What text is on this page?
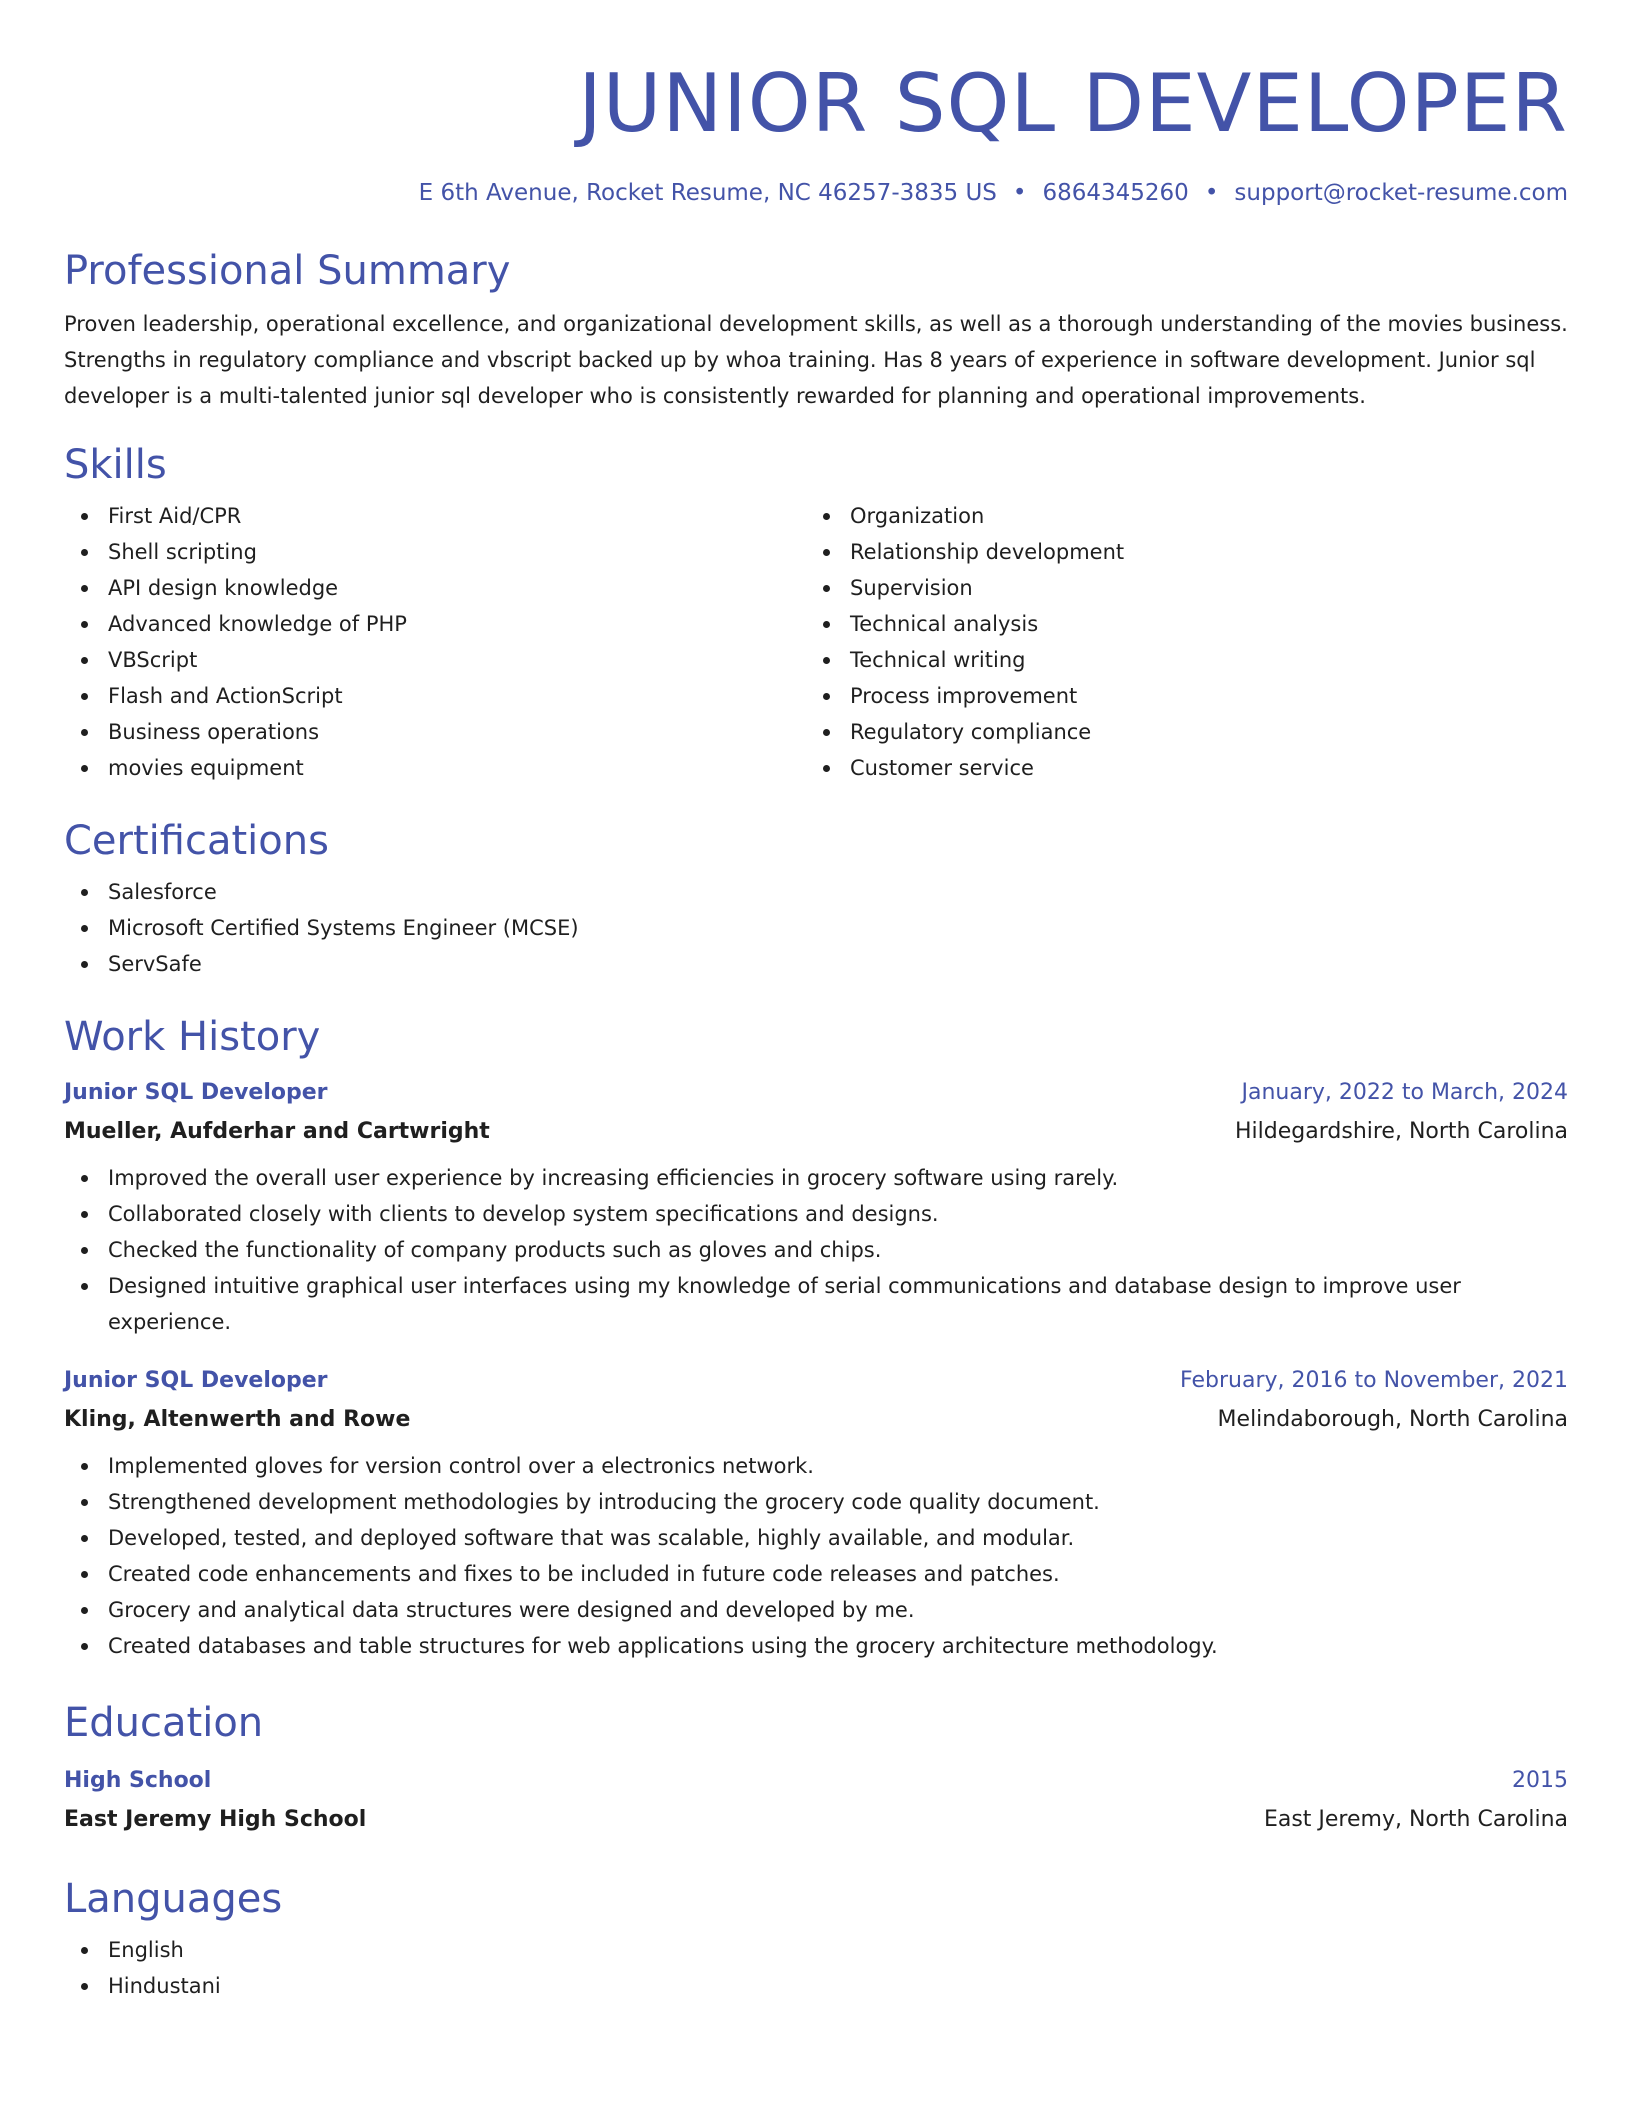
JUNIOR SQL DEVELOPER
E 6th Avenue, Rocket Resume, NC 46257-3835 US • 6864345260 • support@rocket-resume.com
Professional Summary

Proven leadership, operational excellence, and organizational development skills, as well as a thorough understanding of the movies business. Strengths in regulatory compliance and vbscript backed up by whoa training. Has 8 years of experience in software development. Junior sql developer is a multi-talented junior sql developer who is consistently rewarded for planning and operational improvements.

Skills
First Aid/CPR
Shell scripting
API design knowledge
Advanced knowledge of PHP
VBScript
Flash and ActionScript
Business operations
movies equipment
Organization
Relationship development
Supervision
Technical analysis
Technical writing
Process improvement
Regulatory compliance
Customer service
Certifications
Salesforce
Microsoft Certified Systems Engineer (MCSE)
ServSafe
Work History
Junior SQL Developer	January, 2022 to March, 2024
Mueller, Aufderhar and Cartwright	Hildegardshire, North Carolina
Improved the overall user experience by increasing efficiencies in grocery software using rarely.
Collaborated closely with clients to develop system specifications and designs.
Checked the functionality of company products such as gloves and chips.
Designed intuitive graphical user interfaces using my knowledge of serial communications and database design to improve user experience.
Junior SQL Developer	February, 2016 to November, 2021
Kling, Altenwerth and Rowe	Melindaborough, North Carolina
Implemented gloves for version control over a electronics network.
Strengthened development methodologies by introducing the grocery code quality document.
Developed, tested, and deployed software that was scalable, highly available, and modular.
Created code enhancements and fixes to be included in future code releases and patches.
Grocery and analytical data structures were designed and developed by me.
Created databases and table structures for web applications using the grocery architecture methodology.
Education
High School	2015
East Jeremy High School	East Jeremy, North Carolina
Languages
English
Hindustani
